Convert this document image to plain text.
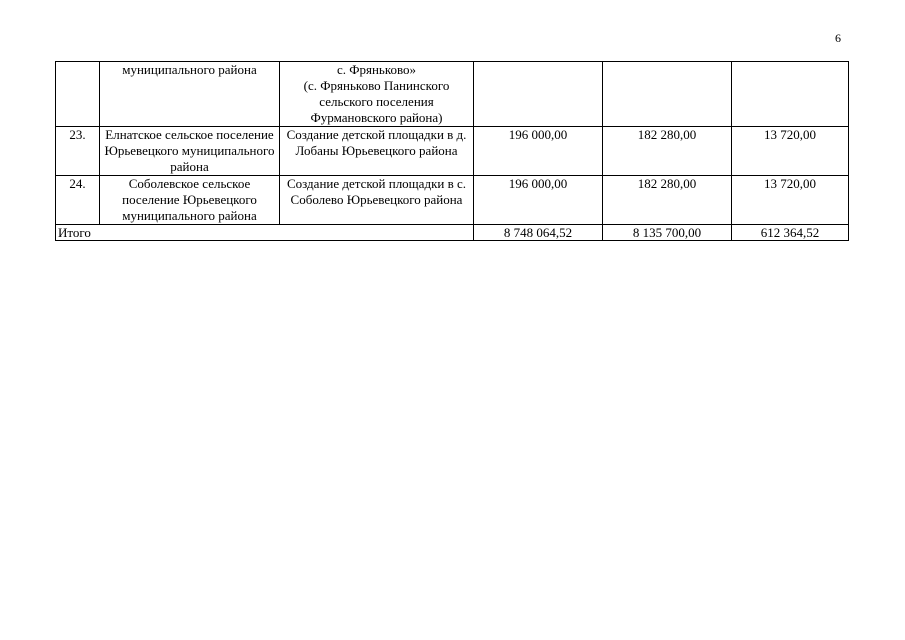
6
	муниципального района	с. Фряньково»
(с. Фряньково Панинского сельского поселения Фурмановского района)			
23.	Елнатское сельское поселение Юрьевецкого муниципального района	Создание детской площадки в д. Лобаны Юрьевецкого района	196 000,00	182 280,00	13 720,00
24.	Соболевское сельское поселение Юрьевецкого муниципального района	Создание детской площадки в с. Соболево Юрьевецкого района	196 000,00	182 280,00	13 720,00
Итого			8 748 064,52	8 135 700,00	612 364,52
